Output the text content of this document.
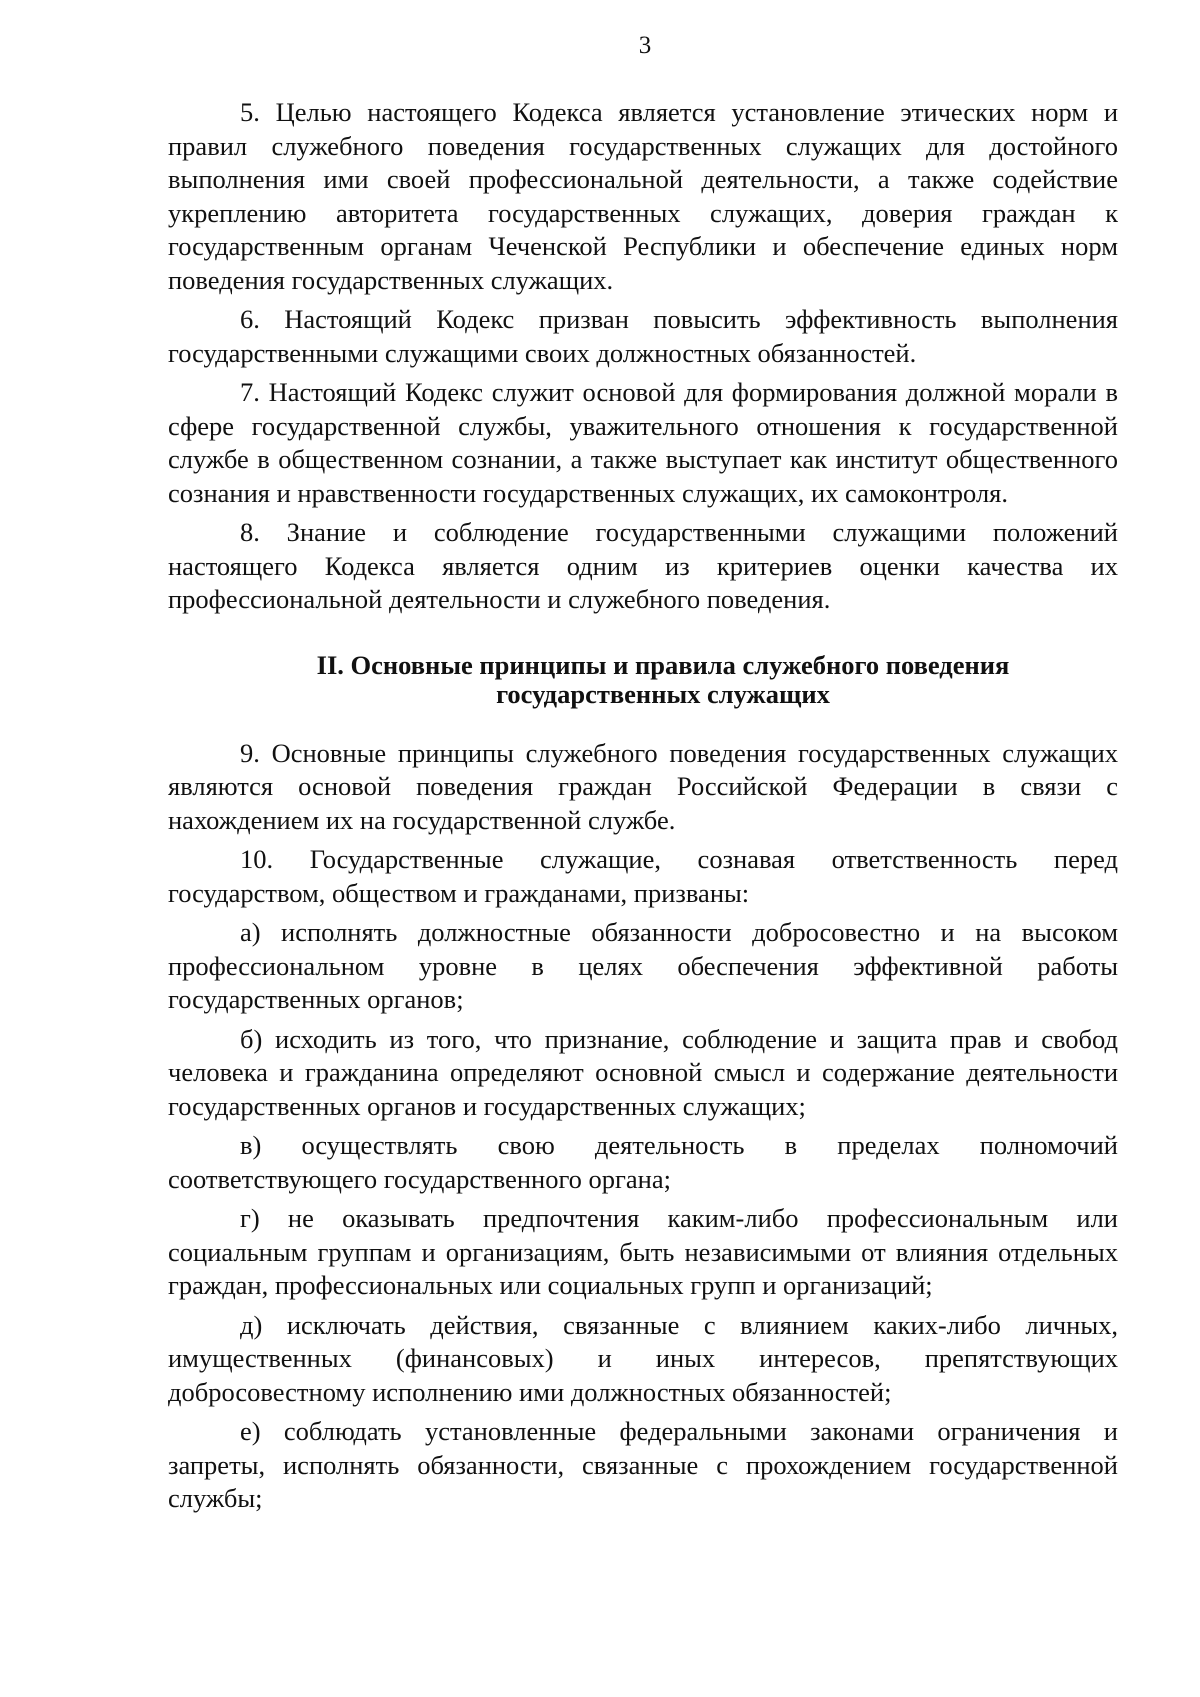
3

5. Целью настоящего Кодекса является установление этических норм и правил служебного поведения государственных служащих для достойного выполнения ими своей профессиональной деятельности, а также содействие укреплению авторитета государственных служащих, доверия граждан к государственным органам Чеченской Республики и обеспечение единых норм поведения государственных служащих.

6. Настоящий Кодекс призван повысить эффективность выполнения государственными служащими своих должностных обязанностей.

7. Настоящий Кодекс служит основой для формирования должной морали в сфере государственной службы, уважительного отношения к государственной службе в общественном сознании, а также выступает как институт общественного сознания и нравственности государственных служащих, их самоконтроля.

8. Знание и соблюдение государственными служащими положений настоящего Кодекса является одним из критериев оценки качества их профессиональной деятельности и служебного поведения.

II. Основные принципы и правила служебного поведения
государственных служащих

9. Основные принципы служебного поведения государственных служащих являются основой поведения граждан Российской Федерации в связи с нахождением их на государственной службе.

10. Государственные служащие, сознавая ответственность перед государством, обществом и гражданами, призваны:

а) исполнять должностные обязанности добросовестно и на высоком профессиональном уровне в целях обеспечения эффективной работы государственных органов;

б) исходить из того, что признание, соблюдение и защита прав и свобод человека и гражданина определяют основной смысл и содержание деятельности государственных органов и государственных служащих;

в) осуществлять свою деятельность в пределах полномочий соответствующего государственного органа;

г) не оказывать предпочтения каким-либо профессиональным или социальным группам и организациям, быть независимыми от влияния отдельных граждан, профессиональных или социальных групп и организаций;

д) исключать действия, связанные с влиянием каких-либо личных, имущественных (финансовых) и иных интересов, препятствующих добросовестному исполнению ими должностных обязанностей;

е) соблюдать установленные федеральными законами ограничения и запреты, исполнять обязанности, связанные с прохождением государственной службы;
